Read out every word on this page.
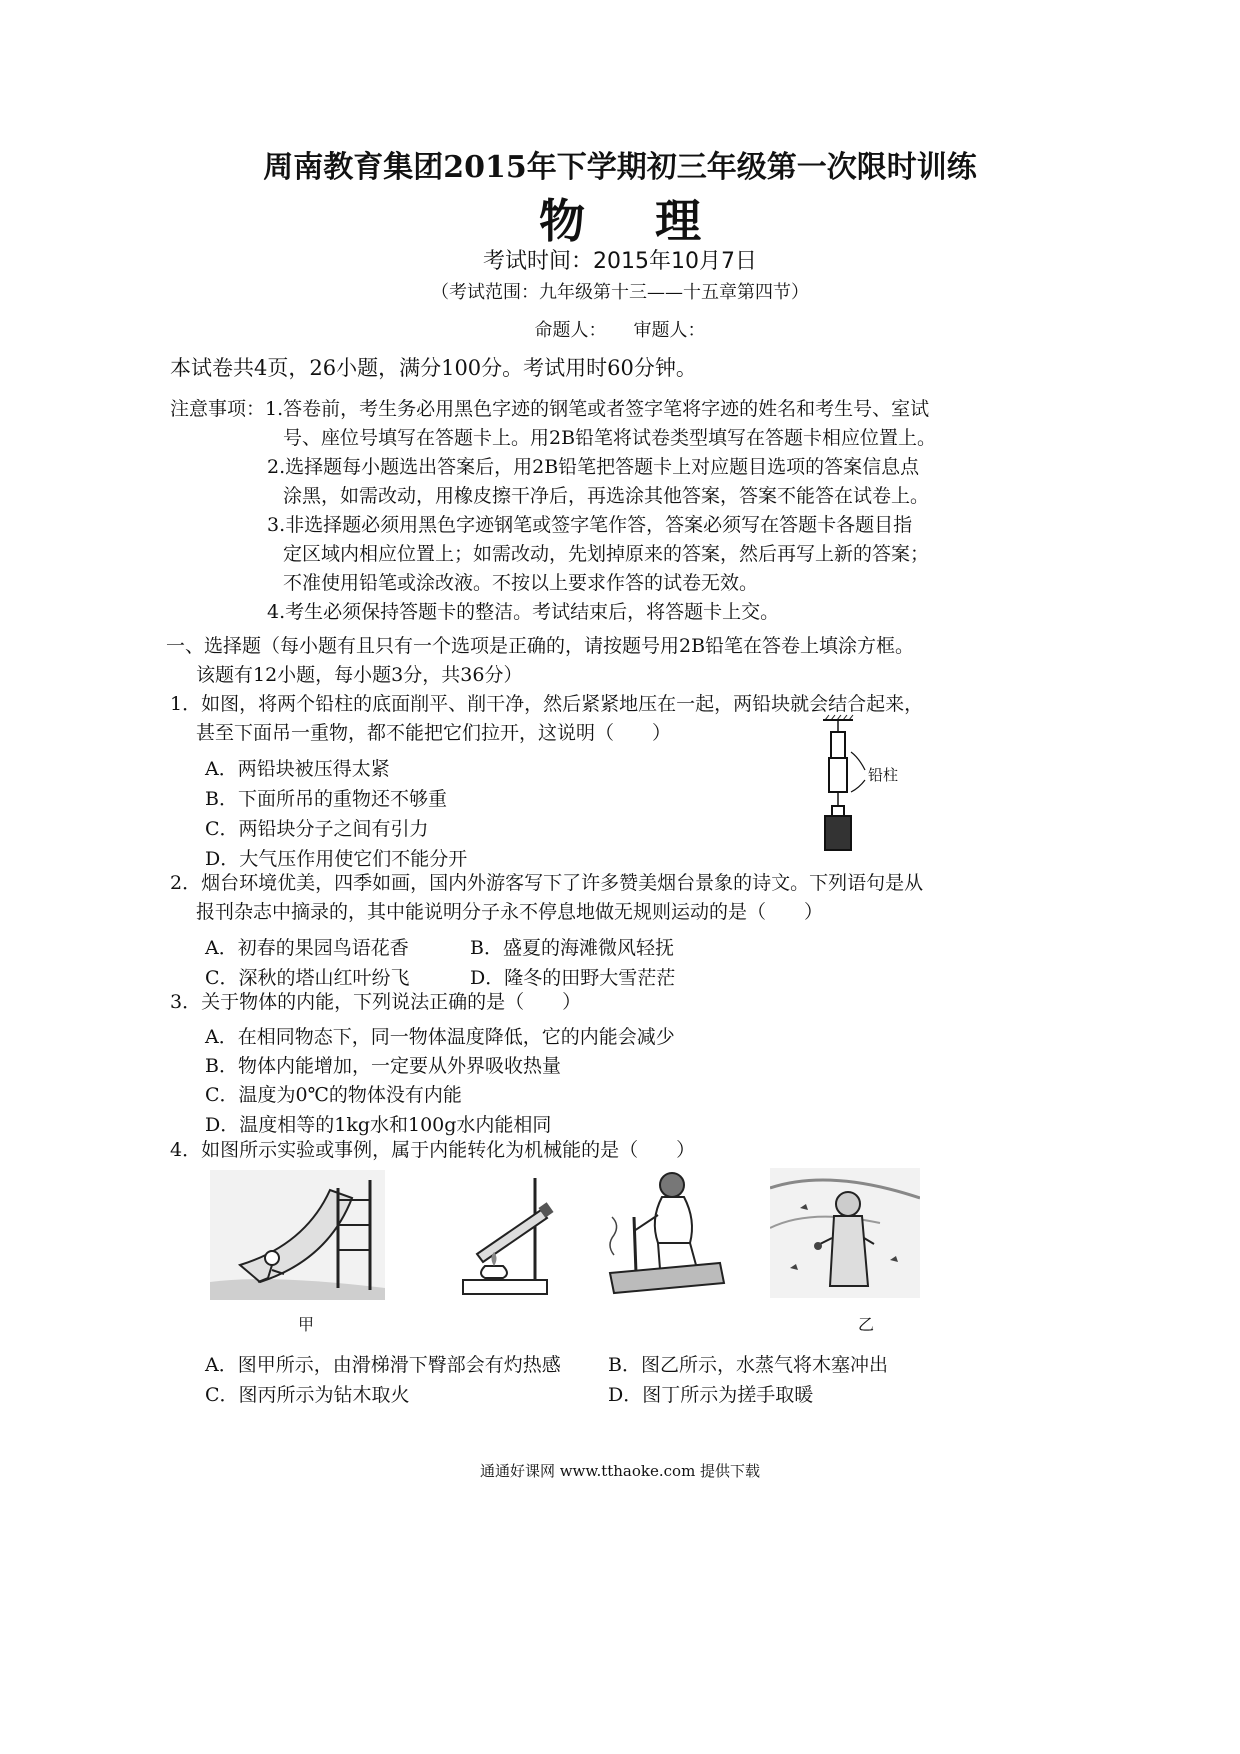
周南教育集团2015年下学期初三年级第一次限时训练
物 理
考试时间：2015年10月7日
（考试范围：九年级第十三——十五章第四节）
命题人：　　审题人：
本试卷共4页，26小题，满分100分。考试用时60分钟。
注意事项：1.答卷前，考生务必用黑色字迹的钢笔或者签字笔将字迹的姓名和考生号、室试
号、座位号填写在答题卡上。用2B铅笔将试卷类型填写在答题卡相应位置上。
2.选择题每小题选出答案后，用2B铅笔把答题卡上对应题目选项的答案信息点
涂黑，如需改动，用橡皮擦干净后，再选涂其他答案，答案不能答在试卷上。
3.非选择题必须用黑色字迹钢笔或签字笔作答，答案必须写在答题卡各题目指
定区域内相应位置上；如需改动，先划掉原来的答案，然后再写上新的答案；
不准使用铅笔或涂改液。不按以上要求作答的试卷无效。
4.考生必须保持答题卡的整洁。考试结束后，将答题卡上交。
一、选择题（每小题有且只有一个选项是正确的，请按题号用2B铅笔在答卷上填涂方框。
该题有12小题，每小题3分，共36分）
1．如图，将两个铅柱的底面削平、削干净，然后紧紧地压在一起，两铅块就会结合起来，
甚至下面吊一重物，都不能把它们拉开，这说明（　　）
A．两铅块被压得太紧
B．下面所吊的重物还不够重
C．两铅块分子之间有引力
D．大气压作用使它们不能分开
铅柱
2．烟台环境优美，四季如画，国内外游客写下了许多赞美烟台景象的诗文。下列语句是从
报刊杂志中摘录的，其中能说明分子永不停息地做无规则运动的是（　　）
A．初春的果园鸟语花香	B．盛夏的海滩微风轻抚
C．深秋的塔山红叶纷飞	D．隆冬的田野大雪茫茫
3．关于物体的内能，下列说法正确的是（　　）
A．在相同物态下，同一物体温度降低，它的内能会减少
B．物体内能增加，一定要从外界吸收热量
C．温度为0℃的物体没有内能
D．温度相等的1kg水和100g水内能相同
4．如图所示实验或事例，属于内能转化为机械能的是（　　）
甲	乙
A．图甲所示，由滑梯滑下臀部会有灼热感 B．图乙所示，水蒸气将木塞冲出
C．图丙所示为钻木取火	D．图丁所示为搓手取暖
通通好课网 www.tthaoke.com 提供下载
